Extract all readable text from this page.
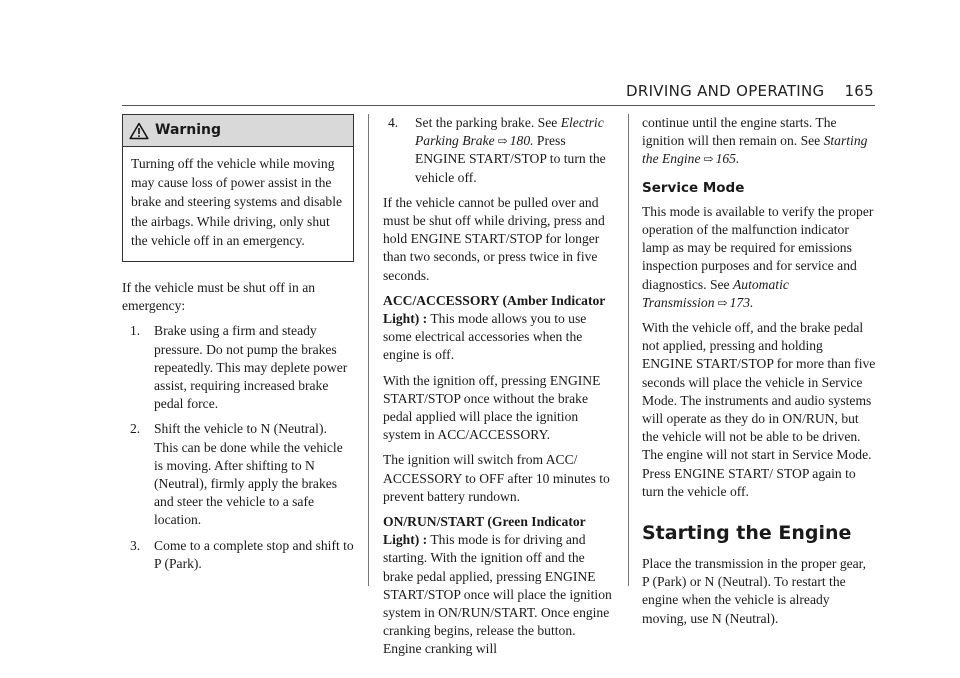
DRIVING AND OPERATING 165
Warning
Turning off the vehicle while moving may cause loss of power assist in the brake and steering systems and disable the airbags. While driving, only shut the vehicle off in an emergency.

If the vehicle must be shut off in an emergency:

1. Brake using a firm and steady pressure. Do not pump the brakes repeatedly. This may deplete power assist, requiring increased brake pedal force.
2. Shift the vehicle to N (Neutral). This can be done while the vehicle is moving. After shifting to N (Neutral), firmly apply the brakes and steer the vehicle to a safe location.
3. Come to a complete stop and shift to P (Park).
4.	Set the parking brake. See Electric Parking Brake ⇨ 180. Press ENGINE START/STOP to turn the vehicle off.

If the vehicle cannot be pulled over and must be shut off while driving, press and hold ENGINE START/STOP for longer than two seconds, or press twice in five seconds.

ACC/ACCESSORY (Amber Indicator Light) : This mode allows you to use some electrical accessories when the engine is off.

With the ignition off, pressing ENGINE START/STOP once without the brake pedal applied will place the ignition system in ACC/ACCESSORY.

The ignition will switch from ACC/ ACCESSORY to OFF after 10 minutes to prevent battery rundown.

ON/RUN/START (Green Indicator Light) : This mode is for driving and starting. With the ignition off and the brake pedal applied, pressing ENGINE START/STOP once will place the ignition system in ON/RUN/START. Once engine cranking begins, release the button. Engine cranking will

continue until the engine starts. The ignition will then remain on. See Starting the Engine ⇨ 165.

Service Mode

This mode is available to verify the proper operation of the malfunction indicator lamp as may be required for emissions inspection purposes and for service and diagnostics. See Automatic Transmission ⇨ 173.

With the vehicle off, and the brake pedal not applied, pressing and holding ENGINE START/STOP for more than five seconds will place the vehicle in Service Mode. The instruments and audio systems will operate as they do in ON/RUN, but the vehicle will not be able to be driven. The engine will not start in Service Mode. Press ENGINE START/ STOP again to turn the vehicle off.

Starting the Engine

Place the transmission in the proper gear, P (Park) or N (Neutral). To restart the engine when the vehicle is already moving, use N (Neutral).
